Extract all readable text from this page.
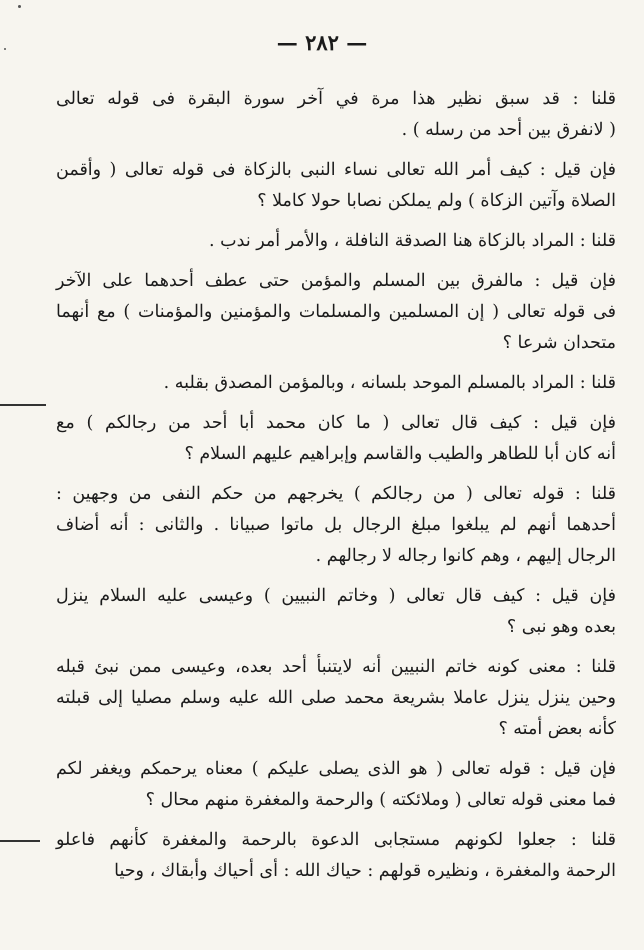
— ٢٨٢ —
قلنا : قد سبق نظير هذا مرة في آخر سورة البقرة فى قوله تعالى
( لانفرق بين أحد من رسله ) .
فإن قيل : كيف أمر الله تعالى نساء النبى بالزكاة فى قوله تعالى ( وأقمن
الصلاة وآتين الزكاة ) ولم يملكن نصابا حولا كاملا ؟
قلنا : المراد بالزكاة هنا الصدقة النافلة ، والأمر أمر ندب .
فإن قيل : مالفرق بين المسلم والمؤمن حتى عطف أحدهما على الآخر
فى قوله تعالى ( إن المسلمين والمسلمات والمؤمنين والمؤمنات ) مع أنهما
متحدان شرعا ؟
قلنا : المراد بالمسلم الموحد بلسانه ، وبالمؤمن المصدق بقلبه .
فإن قيل : كيف قال تعالى ( ما كان محمد أبا أحد من رجالكم ) مع
أنه كان أبا للطاهر والطيب والقاسم وإبراهيم عليهم السلام ؟
قلنا : قوله تعالى ( من رجالكم ) يخرجهم من حكم النفى من وجهين :
أحدهما أنهم لم يبلغوا مبلغ الرجال بل ماتوا صبيانا . والثانى : أنه أضاف
الرجال إليهم ، وهم كانوا رجاله لا رجالهم .
فإن قيل : كيف قال تعالى ( وخاتم النبيين ) وعيسى عليه السلام ينزل
بعده وهو نبى ؟
قلنا : معنى كونه خاتم النبيين أنه لايتنبأ أحد بعده، وعيسى ممن نبئ قبله
وحين ينزل ينزل عاملا بشريعة محمد صلى الله عليه وسلم مصليا إلى قبلته
كأنه بعض أمته ؟
فإن قيل : قوله تعالى ( هو الذى يصلى عليكم ) معناه يرحمكم ويغفر لكم
فما معنى قوله تعالى ( وملائكته ) والرحمة والمغفرة منهم محال ؟
قلنا : جعلوا لكونهم مستجابى الدعوة بالرحمة والمغفرة كأنهم فاعلو
الرحمة والمغفرة ، ونظيره قولهم : حياك الله : أى أحياك وأبقاك ، وحيا
